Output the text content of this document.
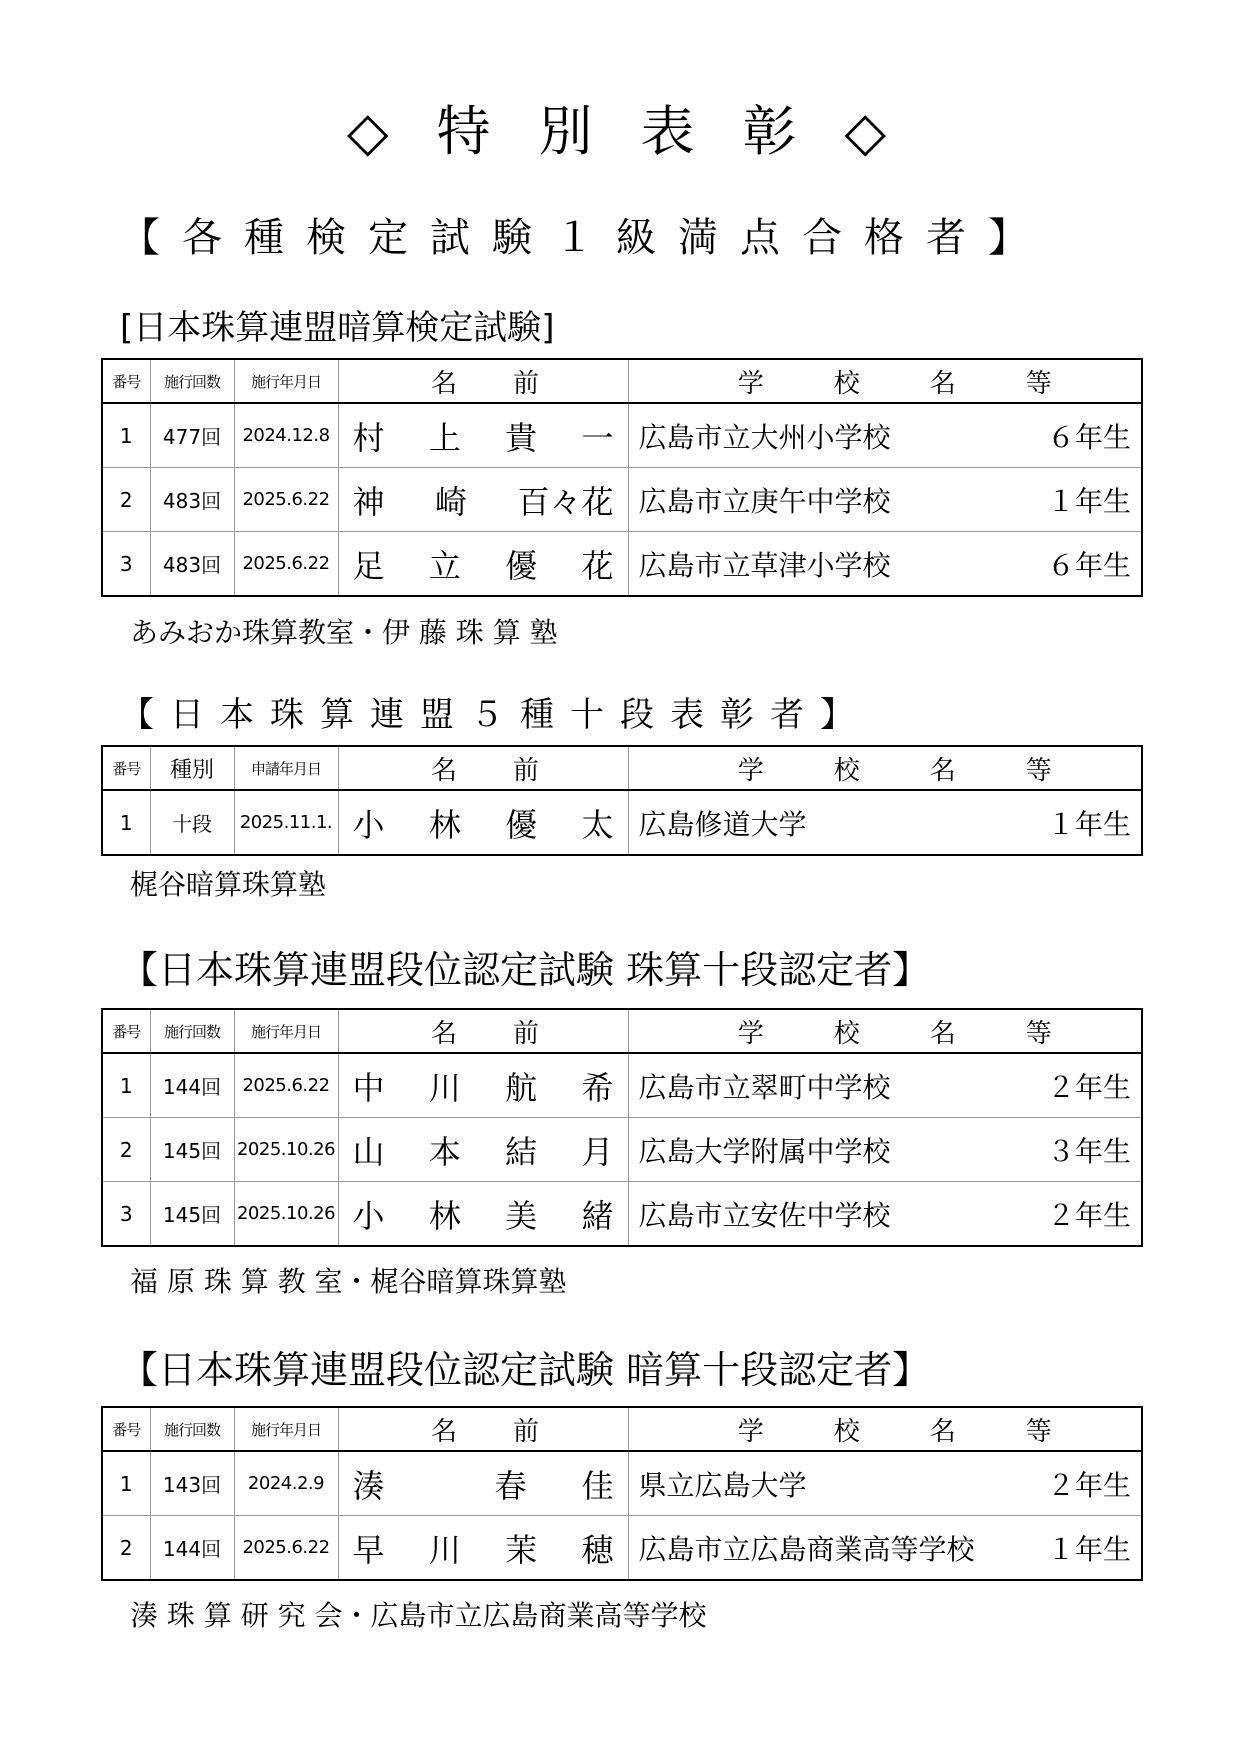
◇特別表彰◇
【各種検定試験１級満点合格者】
[日本珠算連盟暗算検定試験]
番号	施行回数	施行年月日	名前	学校名等
1	477回	2024.12.8	村 上 貴 一	広島市立大州小学校 ６年生

2	483回	2025.6.22	神 崎 百々花	広島市立庚午中学校 １年生

3	483回	2025.6.22	足 立 優 花	広島市立草津小学校 ６年生
あみおか珠算教室・伊 藤 珠 算 塾
【日本珠算連盟５種十段表彰者】
番号	種別	申請年月日	名前	学校名等
1	十段	2025.11.1.	小 林 優 太	広島修道大学 １年生
梶谷暗算珠算塾
【日本珠算連盟段位認定試験 珠算十段認定者】
番号	施行回数	施行年月日	名前	学校名等
1	144回	2025.6.22	中 川 航 希	広島市立翠町中学校 ２年生

2	145回	2025.10.26	山 本 結 月	広島大学附属中学校 ３年生

3	145回	2025.10.26	小 林 美 緒	広島市立安佐中学校 ２年生
福 原 珠 算 教 室・梶谷暗算珠算塾
【日本珠算連盟段位認定試験 暗算十段認定者】
番号	施行回数	施行年月日	名前	学校名等
1	143回	2024.2.9	湊 春 佳	県立広島大学 ２年生

2	144回	2025.6.22	早 川 茉 穂	広島市立広島商業高等学校 １年生
湊 珠 算 研 究 会・広島市立広島商業高等学校
